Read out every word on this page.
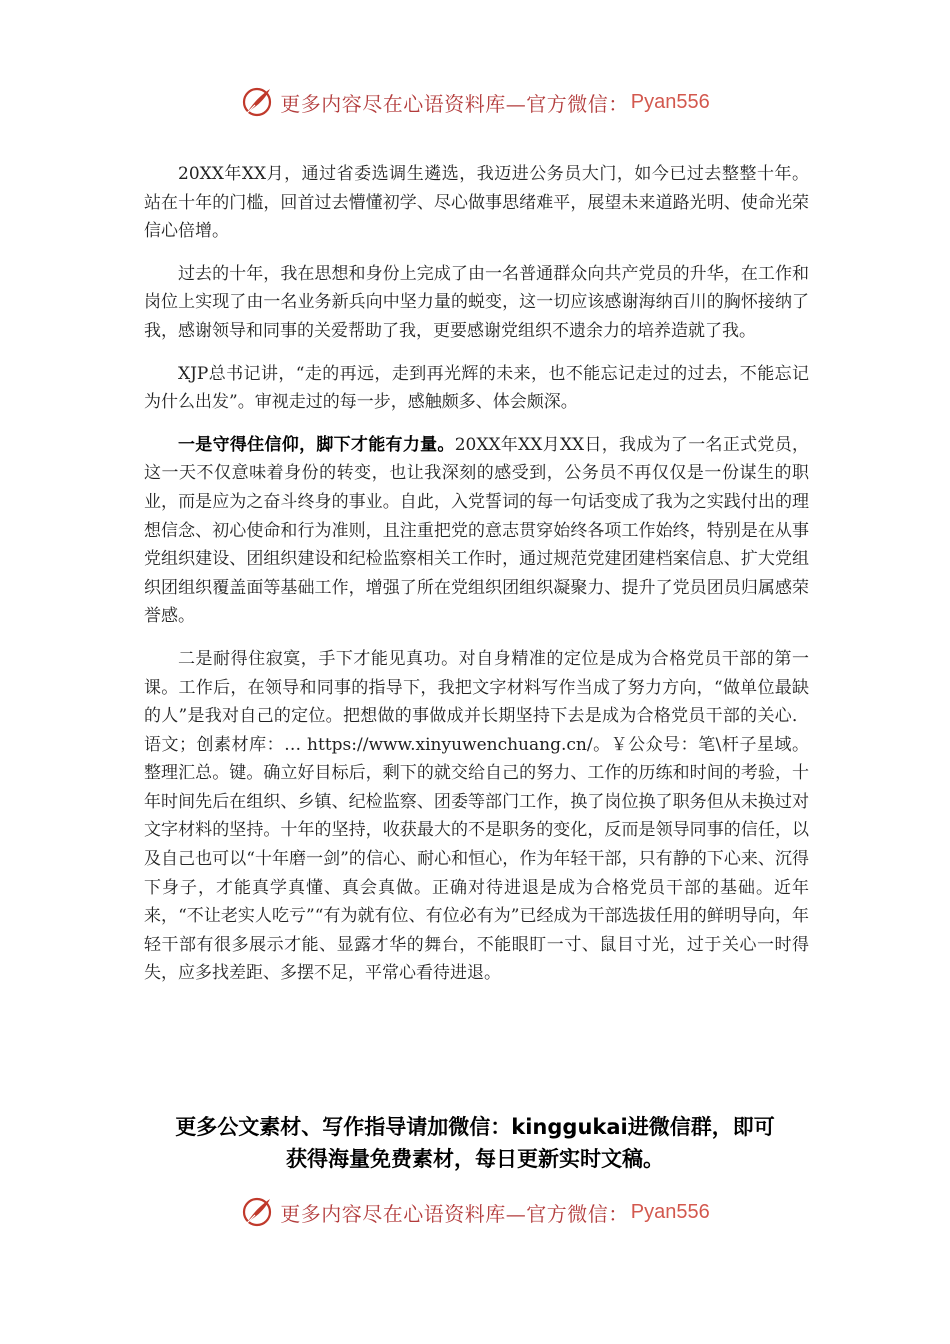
更多内容尽在心语资料库—官方微信： Pyan556

20XX年XX月，通过省委选调生遴选，我迈进公务员大门，如今已过去整整十年。站在十年的门槛，回首过去懵懂初学、尽心做事思绪难平，展望未来道路光明、使命光荣信心倍增。

过去的十年，我在思想和身份上完成了由一名普通群众向共产党员的升华，在工作和岗位上实现了由一名业务新兵向中坚力量的蜕变，这一切应该感谢海纳百川的胸怀接纳了我，感谢领导和同事的关爱帮助了我，更要感谢党组织不遗余力的培养造就了我。

XJP总书记讲，“走的再远，走到再光辉的未来，也不能忘记走过的过去，不能忘记为什么出发”。审视走过的每一步，感触颇多、体会颇深。

一是守得住信仰，脚下才能有力量。20XX年XX月XX日，我成为了一名正式党员，这一天不仅意味着身份的转变，也让我深刻的感受到，公务员不再仅仅是一份谋生的职业，而是应为之奋斗终身的事业。自此，入党誓词的每一句话变成了我为之实践付出的理想信念、初心使命和行为准则，且注重把党的意志贯穿始终各项工作始终，特别是在从事党组织建设、团组织建设和纪检监察相关工作时，通过规范党建团建档案信息、扩大党组织团组织覆盖面等基础工作，增强了所在党组织团组织凝聚力、提升了党员团员归属感荣誉感。

二是耐得住寂寞，手下才能见真功。对自身精准的定位是成为合格党员干部的第一课。工作后，在领导和同事的指导下，我把文字材料写作当成了努力方向，“做单位最缺的人”是我对自己的定位。把想做的事做成并长期坚持下去是成为合格党员干部的关心．语文；创素材库：… https://www.xinyuwenchuang.cn/。￥公众号：笔\杆子星域。整理汇总。键。确立好目标后，剩下的就交给自己的努力、工作的历练和时间的考验，十年时间先后在组织、乡镇、纪检监察、团委等部门工作，换了岗位换了职务但从未换过对文字材料的坚持。十年的坚持，收获最大的不是职务的变化，反而是领导同事的信任，以及自己也可以“十年磨一剑”的信心、耐心和恒心，作为年轻干部，只有静的下心来、沉得下身子，才能真学真懂、真会真做。正确对待进退是成为合格党员干部的基础。近年来，“不让老实人吃亏”“有为就有位、有位必有为”已经成为干部选拔任用的鲜明导向，年轻干部有很多展示才能、显露才华的舞台，不能眼盯一寸、鼠目寸光，过于关心一时得失，应多找差距、多摆不足，平常心看待进退。

更多公文素材、写作指导请加微信：kinggukai进微信群，即可
获得海量免费素材，每日更新实时文稿。
更多内容尽在心语资料库—官方微信： Pyan556
